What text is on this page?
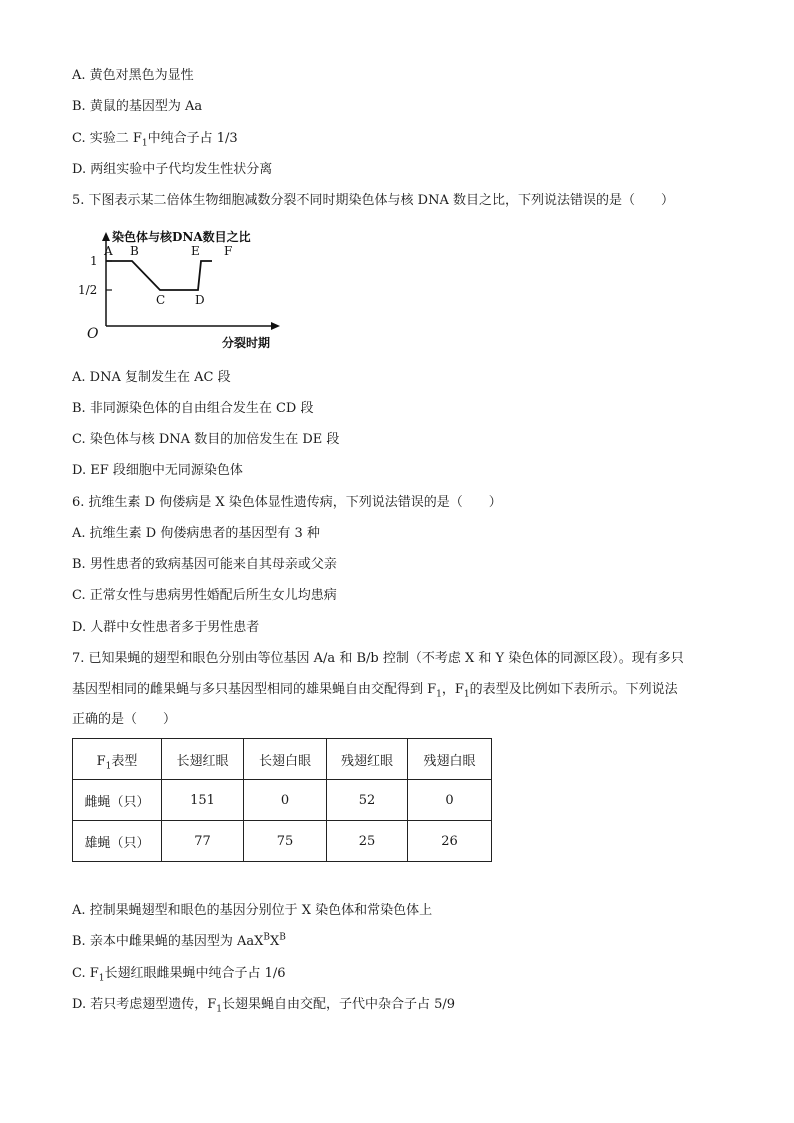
A. 黄色对黑色为显性
B. 黄鼠的基因型为 Aa
C. 实验二 $F_1$中纯合子占 1/3
D. 两组实验中子代均发生性状分离
5. 下图表示某二倍体生物细胞减数分裂不同时期染色体与核 DNA 数目之比，下列说法错误的是（　　）
染色体与核DNA数目之比
分裂时期
O
1
1/2
A B
C D
E F
A. DNA 复制发生在 AC 段
B. 非同源染色体的自由组合发生在 CD 段
C. 染色体与核 DNA 数目的加倍发生在 DE 段
D. EF 段细胞中无同源染色体
6. 抗维生素 D 佝偻病是 X 染色体显性遗传病，下列说法错误的是（　　）
A. 抗维生素 D 佝偻病患者的基因型有 3 种
B. 男性患者的致病基因可能来自其母亲或父亲
C. 正常女性与患病男性婚配后所生女儿均患病
D. 人群中女性患者多于男性患者
7. 已知果蝇的翅型和眼色分别由等位基因 A/a 和 B/b 控制（不考虑 X 和 Y 染色体的同源区段）。现有多只
基因型相同的雌果蝇与多只基因型相同的雄果蝇自由交配得到 $F_1$，$F_1$的表型及比例如下表所示。下列说法
正确的是（　　）
$F_1$表型	长翅红眼	长翅白眼	残翅红眼	残翅白眼
雌蝇（只）	151	0	52	0
雄蝇（只）	77	75	25	26
A. 控制果蝇翅型和眼色的基因分别位于 X 染色体和常染色体上
B. 亲本中雌果蝇的基因型为 $AaX^BX^B$
C. $F_1$长翅红眼雌果蝇中纯合子占 1/6
D. 若只考虑翅型遗传，$F_1$长翅果蝇自由交配，子代中杂合子占 5/9
